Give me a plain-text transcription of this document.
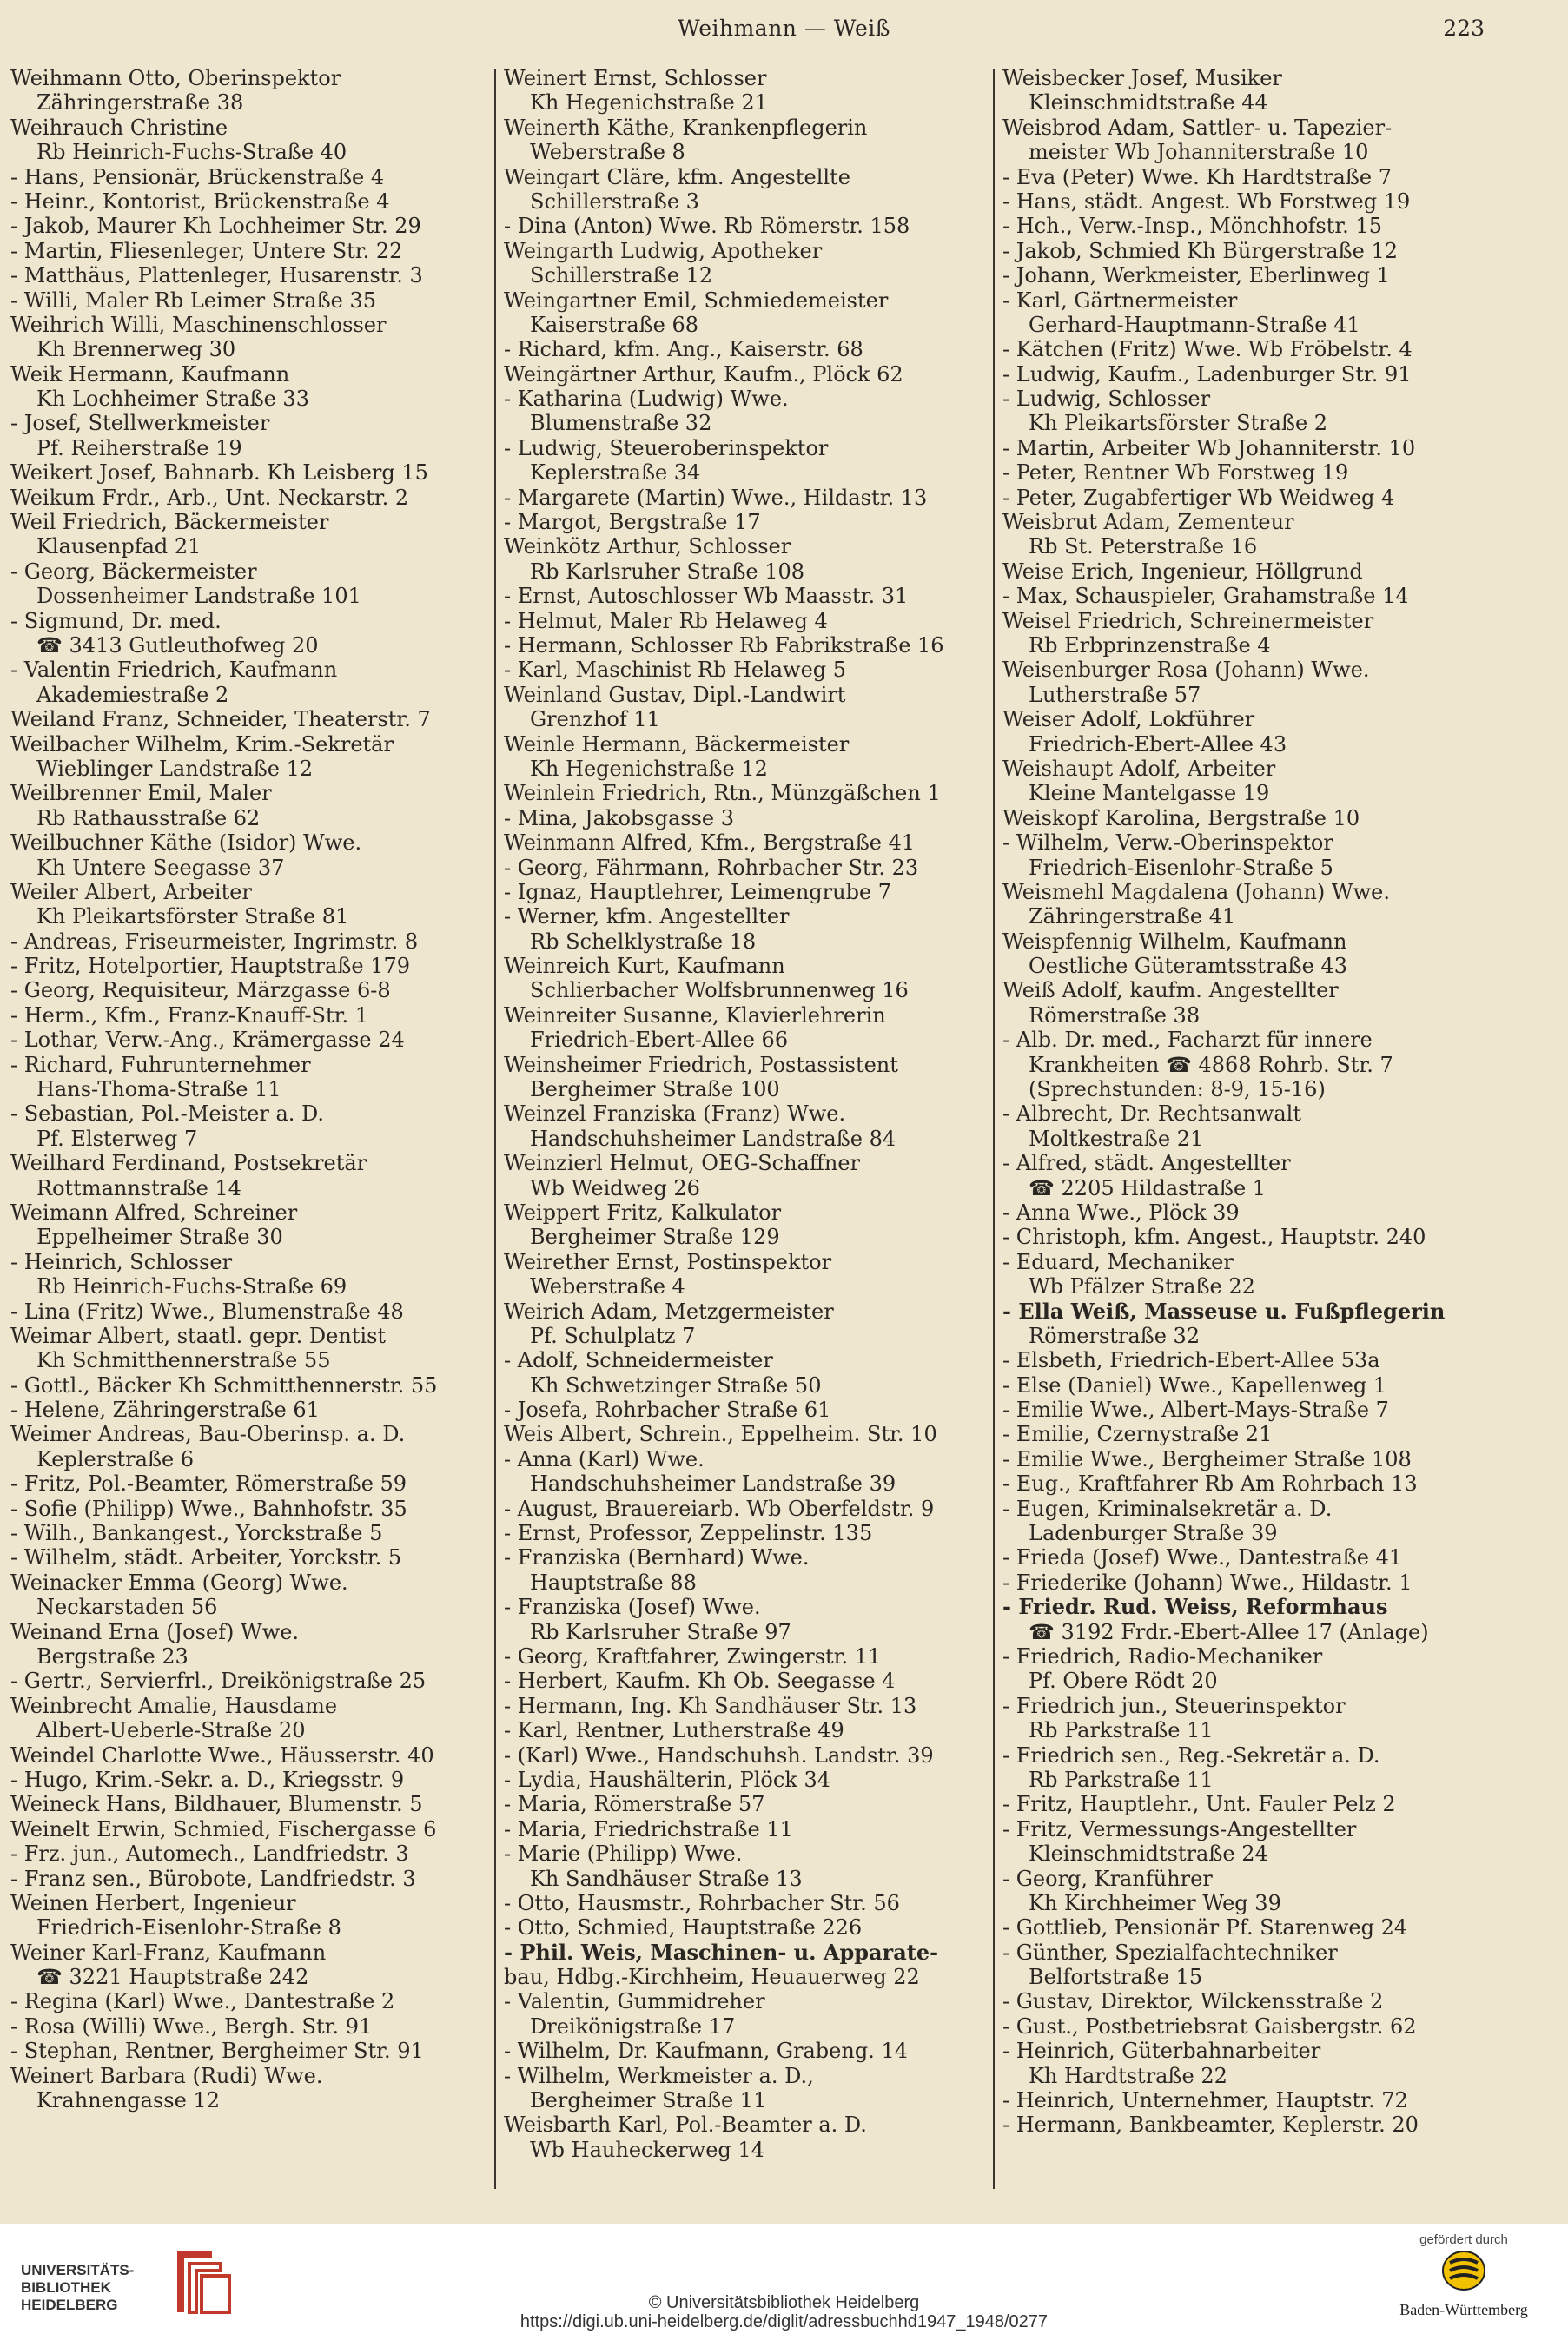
Weihmann — Weiß	223
Weihmann Otto, Oberinspektor
Zähringerstraße 38
Weihrauch Christine
Rb Heinrich-Fuchs-Straße 40
- Hans, Pensionär, Brückenstraße 4
- Heinr., Kontorist, Brückenstraße 4
- Jakob, Maurer Kh Lochheimer Str. 29
- Martin, Fliesenleger, Untere Str. 22
- Matthäus, Plattenleger, Husarenstr. 3
- Willi, Maler Rb Leimer Straße 35
Weihrich Willi, Maschinenschlosser
Kh Brennerweg 30
Weik Hermann, Kaufmann
Kh Lochheimer Straße 33
- Josef, Stellwerkmeister
Pf. Reiherstraße 19
Weikert Josef, Bahnarb. Kh Leisberg 15
Weikum Frdr., Arb., Unt. Neckarstr. 2
Weil Friedrich, Bäckermeister
Klausenpfad 21
- Georg, Bäckermeister
Dossenheimer Landstraße 101
- Sigmund, Dr. med.
☎ 3413 Gutleuthofweg 20
- Valentin Friedrich, Kaufmann
Akademiestraße 2
Weiland Franz, Schneider, Theaterstr. 7
Weilbacher Wilhelm, Krim.-Sekretär
Wieblinger Landstraße 12
Weilbrenner Emil, Maler
Rb Rathausstraße 62
Weilbuchner Käthe (Isidor) Wwe.
Kh Untere Seegasse 37
Weiler Albert, Arbeiter
Kh Pleikartsförster Straße 81
- Andreas, Friseurmeister, Ingrimstr. 8
- Fritz, Hotelportier, Hauptstraße 179
- Georg, Requisiteur, Märzgasse 6-8
- Herm., Kfm., Franz-Knauff-Str. 1
- Lothar, Verw.-Ang., Krämergasse 24
- Richard, Fuhrunternehmer
Hans-Thoma-Straße 11
- Sebastian, Pol.-Meister a. D.
Pf. Elsterweg 7
Weilhard Ferdinand, Postsekretär
Rottmannstraße 14
Weimann Alfred, Schreiner
Eppelheimer Straße 30
- Heinrich, Schlosser
Rb Heinrich-Fuchs-Straße 69
- Lina (Fritz) Wwe., Blumenstraße 48
Weimar Albert, staatl. gepr. Dentist
Kh Schmitthennerstraße 55
- Gottl., Bäcker Kh Schmitthennerstr. 55
- Helene, Zähringerstraße 61
Weimer Andreas, Bau-Oberinsp. a. D.
Keplerstraße 6
- Fritz, Pol.-Beamter, Römerstraße 59
- Sofie (Philipp) Wwe., Bahnhofstr. 35
- Wilh., Bankangest., Yorckstraße 5
- Wilhelm, städt. Arbeiter, Yorckstr. 5
Weinacker Emma (Georg) Wwe.
Neckarstaden 56
Weinand Erna (Josef) Wwe.
Bergstraße 23
- Gertr., Servierfrl., Dreikönigstraße 25
Weinbrecht Amalie, Hausdame
Albert-Ueberle-Straße 20
Weindel Charlotte Wwe., Häusserstr. 40
- Hugo, Krim.-Sekr. a. D., Kriegsstr. 9
Weineck Hans, Bildhauer, Blumenstr. 5
Weinelt Erwin, Schmied, Fischergasse 6
- Frz. jun., Automech., Landfriedstr. 3
- Franz sen., Bürobote, Landfriedstr. 3
Weinen Herbert, Ingenieur
Friedrich-Eisenlohr-Straße 8
Weiner Karl-Franz, Kaufmann
☎ 3221 Hauptstraße 242
- Regina (Karl) Wwe., Dantestraße 2
- Rosa (Willi) Wwe., Bergh. Str. 91
- Stephan, Rentner, Bergheimer Str. 91
Weinert Barbara (Rudi) Wwe.
Krahnengasse 12
Weinert Ernst, Schlosser
Kh Hegenichstraße 21
Weinerth Käthe, Krankenpflegerin
Weberstraße 8
Weingart Cläre, kfm. Angestellte
Schillerstraße 3
- Dina (Anton) Wwe. Rb Römerstr. 158
Weingarth Ludwig, Apotheker
Schillerstraße 12
Weingartner Emil, Schmiedemeister
Kaiserstraße 68
- Richard, kfm. Ang., Kaiserstr. 68
Weingärtner Arthur, Kaufm., Plöck 62
- Katharina (Ludwig) Wwe.
Blumenstraße 32
- Ludwig, Steueroberinspektor
Keplerstraße 34
- Margarete (Martin) Wwe., Hildastr. 13
- Margot, Bergstraße 17
Weinkötz Arthur, Schlosser
Rb Karlsruher Straße 108
- Ernst, Autoschlosser Wb Maasstr. 31
- Helmut, Maler Rb Helaweg 4
- Hermann, Schlosser Rb Fabrikstraße 16
- Karl, Maschinist Rb Helaweg 5
Weinland Gustav, Dipl.-Landwirt
Grenzhof 11
Weinle Hermann, Bäckermeister
Kh Hegenichstraße 12
Weinlein Friedrich, Rtn., Münzgäßchen 1
- Mina, Jakobsgasse 3
Weinmann Alfred, Kfm., Bergstraße 41
- Georg, Fährmann, Rohrbacher Str. 23
- Ignaz, Hauptlehrer, Leimengrube 7
- Werner, kfm. Angestellter
Rb Schelklystraße 18
Weinreich Kurt, Kaufmann
Schlierbacher Wolfsbrunnenweg 16
Weinreiter Susanne, Klavierlehrerin
Friedrich-Ebert-Allee 66
Weinsheimer Friedrich, Postassistent
Bergheimer Straße 100
Weinzel Franziska (Franz) Wwe.
Handschuhsheimer Landstraße 84
Weinzierl Helmut, OEG-Schaffner
Wb Weidweg 26
Weippert Fritz, Kalkulator
Bergheimer Straße 129
Weirether Ernst, Postinspektor
Weberstraße 4
Weirich Adam, Metzgermeister
Pf. Schulplatz 7
- Adolf, Schneidermeister
Kh Schwetzinger Straße 50
- Josefa, Rohrbacher Straße 61
Weis Albert, Schrein., Eppelheim. Str. 10
- Anna (Karl) Wwe.
Handschuhsheimer Landstraße 39
- August, Brauereiarb. Wb Oberfeldstr. 9
- Ernst, Professor, Zeppelinstr. 135
- Franziska (Bernhard) Wwe.
Hauptstraße 88
- Franziska (Josef) Wwe.
Rb Karlsruher Straße 97
- Georg, Kraftfahrer, Zwingerstr. 11
- Herbert, Kaufm. Kh Ob. Seegasse 4
- Hermann, Ing. Kh Sandhäuser Str. 13
- Karl, Rentner, Lutherstraße 49
- (Karl) Wwe., Handschuhsh. Landstr. 39
- Lydia, Haushälterin, Plöck 34
- Maria, Römerstraße 57
- Maria, Friedrichstraße 11
- Marie (Philipp) Wwe.
Kh Sandhäuser Straße 13
- Otto, Hausmstr., Rohrbacher Str. 56
- Otto, Schmied, Hauptstraße 226
- Phil. Weis, Maschinen- u. Apparate-
bau, Hdbg.-Kirchheim, Heuauerweg 22
- Valentin, Gummidreher
Dreikönigstraße 17
- Wilhelm, Dr. Kaufmann, Grabeng. 14
- Wilhelm, Werkmeister a. D.,
Bergheimer Straße 11
Weisbarth Karl, Pol.-Beamter a. D.
Wb Hauheckerweg 14
Weisbecker Josef, Musiker
Kleinschmidtstraße 44
Weisbrod Adam, Sattler- u. Tapezier-
meister Wb Johanniterstraße 10
- Eva (Peter) Wwe. Kh Hardtstraße 7
- Hans, städt. Angest. Wb Forstweg 19
- Hch., Verw.-Insp., Mönchhofstr. 15
- Jakob, Schmied Kh Bürgerstraße 12
- Johann, Werkmeister, Eberlinweg 1
- Karl, Gärtnermeister
Gerhard-Hauptmann-Straße 41
- Kätchen (Fritz) Wwe. Wb Fröbelstr. 4
- Ludwig, Kaufm., Ladenburger Str. 91
- Ludwig, Schlosser
Kh Pleikartsförster Straße 2
- Martin, Arbeiter Wb Johanniterstr. 10
- Peter, Rentner Wb Forstweg 19
- Peter, Zugabfertiger Wb Weidweg 4
Weisbrut Adam, Zementeur
Rb St. Peterstraße 16
Weise Erich, Ingenieur, Höllgrund
- Max, Schauspieler, Grahamstraße 14
Weisel Friedrich, Schreinermeister
Rb Erbprinzenstraße 4
Weisenburger Rosa (Johann) Wwe.
Lutherstraße 57
Weiser Adolf, Lokführer
Friedrich-Ebert-Allee 43
Weishaupt Adolf, Arbeiter
Kleine Mantelgasse 19
Weiskopf Karolina, Bergstraße 10
- Wilhelm, Verw.-Oberinspektor
Friedrich-Eisenlohr-Straße 5
Weismehl Magdalena (Johann) Wwe.
Zähringerstraße 41
Weispfennig Wilhelm, Kaufmann
Oestliche Güteramtsstraße 43
Weiß Adolf, kaufm. Angestellter
Römerstraße 38
- Alb. Dr. med., Facharzt für innere
Krankheiten ☎ 4868 Rohrb. Str. 7
(Sprechstunden: 8-9, 15-16)
- Albrecht, Dr. Rechtsanwalt
Moltkestraße 21
- Alfred, städt. Angestellter
☎ 2205 Hildastraße 1
- Anna Wwe., Plöck 39
- Christoph, kfm. Angest., Hauptstr. 240
- Eduard, Mechaniker
Wb Pfälzer Straße 22
- Ella Weiß, Masseuse u. Fußpflegerin
Römerstraße 32
- Elsbeth, Friedrich-Ebert-Allee 53a
- Else (Daniel) Wwe., Kapellenweg 1
- Emilie Wwe., Albert-Mays-Straße 7
- Emilie, Czernystraße 21
- Emilie Wwe., Bergheimer Straße 108
- Eug., Kraftfahrer Rb Am Rohrbach 13
- Eugen, Kriminalsekretär a. D.
Ladenburger Straße 39
- Frieda (Josef) Wwe., Dantestraße 41
- Friederike (Johann) Wwe., Hildastr. 1
- Friedr. Rud. Weiss, Reformhaus
☎ 3192 Frdr.-Ebert-Allee 17 (Anlage)
- Friedrich, Radio-Mechaniker
Pf. Obere Rödt 20
- Friedrich jun., Steuerinspektor
Rb Parkstraße 11
- Friedrich sen., Reg.-Sekretär a. D.
Rb Parkstraße 11
- Fritz, Hauptlehr., Unt. Fauler Pelz 2
- Fritz, Vermessungs-Angestellter
Kleinschmidtstraße 24
- Georg, Kranführer
Kh Kirchheimer Weg 39
- Gottlieb, Pensionär Pf. Starenweg 24
- Günther, Spezialfachtechniker
Belfortstraße 15
- Gustav, Direktor, Wilckensstraße 2
- Gust., Postbetriebsrat Gaisbergstr. 62
- Heinrich, Güterbahnarbeiter
Kh Hardtstraße 22
- Heinrich, Unternehmer, Hauptstr. 72
- Hermann, Bankbeamter, Keplerstr. 20
UNIVERSITÄTS-
BIBLIOTHEK
HEIDELBERG	© Universitätsbibliothek Heidelberg
https://digi.ub.uni-heidelberg.de/diglit/adressbuchhd1947_1948/0277
gefördert durch
Baden-Württemberg
